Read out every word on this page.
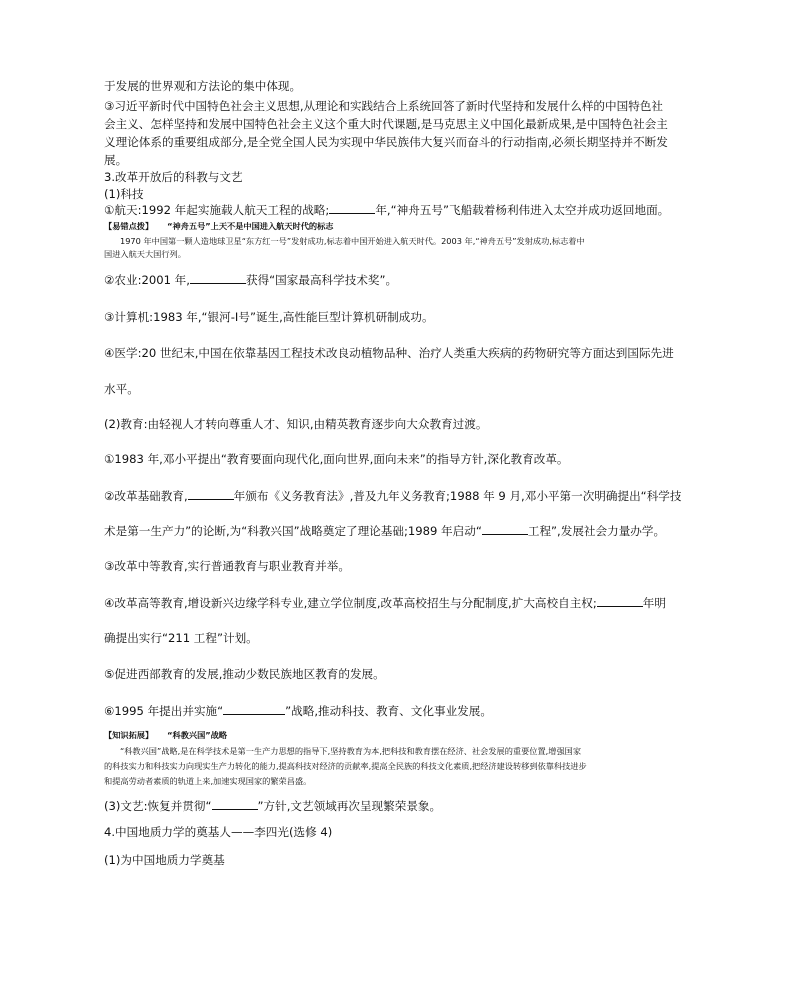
于发展的世界观和方法论的集中体现。
③习近平新时代中国特色社会主义思想,从理论和实践结合上系统回答了新时代坚持和发展什么样的中国特色社
会主义、怎样坚持和发展中国特色社会主义这个重大时代课题,是马克思主义中国化最新成果,是中国特色社会主
义理论体系的重要组成部分,是全党全国人民为实现中华民族伟大复兴而奋斗的行动指南,必须长期坚持并不断发
展。
3.改革开放后的科教与文艺
(1)科技
①航天:1992 年起实施载人航天工程的战略;	年,“神舟五号”飞船载着杨利伟进入太空并成功返回地面。
【易错点拨】 “神舟五号”上天不是中国进入航天时代的标志
1970 年中国第一颗人造地球卫星“东方红一号”发射成功,标志着中国开始进入航天时代。2003 年,“神舟五号”发射成功,标志着中
国进入航天大国行列。
②农业:2001 年,	获得“国家最高科学技术奖”。
③计算机:1983 年,“银河-Ⅰ号”诞生,高性能巨型计算机研制成功。
④医学:20 世纪末,中国在依靠基因工程技术改良动植物品种、治疗人类重大疾病的药物研究等方面达到国际先进
水平。
(2)教育:由轻视人才转向尊重人才、知识,由精英教育逐步向大众教育过渡。
①1983 年,邓小平提出“教育要面向现代化,面向世界,面向未来”的指导方针,深化教育改革。
②改革基础教育,	年颁布《义务教育法》,普及九年义务教育;1988 年 9 月,邓小平第一次明确提出“科学技
术是第一生产力”的论断,为“科教兴国”战略奠定了理论基础;1989 年启动“	工程”,发展社会力量办学。
③改革中等教育,实行普通教育与职业教育并举。
④改革高等教育,增设新兴边缘学科专业,建立学位制度,改革高校招生与分配制度,扩大高校自主权;	年明
确提出实行“211 工程”计划。
⑤促进西部教育的发展,推动少数民族地区教育的发展。
⑥1995 年提出并实施“	”战略,推动科技、教育、文化事业发展。
【知识拓展】 “科教兴国”战略
“科教兴国”战略,是在科学技术是第一生产力思想的指导下,坚持教育为本,把科技和教育摆在经济、社会发展的重要位置,增强国家
的科技实力和科技实力向现实生产力转化的能力,提高科技对经济的贡献率,提高全民族的科技文化素质,把经济建设转移到依靠科技进步
和提高劳动者素质的轨道上来,加速实现国家的繁荣昌盛。
(3)文艺:恢复并贯彻“	”方针,文艺领域再次呈现繁荣景象。
4.中国地质力学的奠基人——李四光(选修 4)
(1)为中国地质力学奠基
